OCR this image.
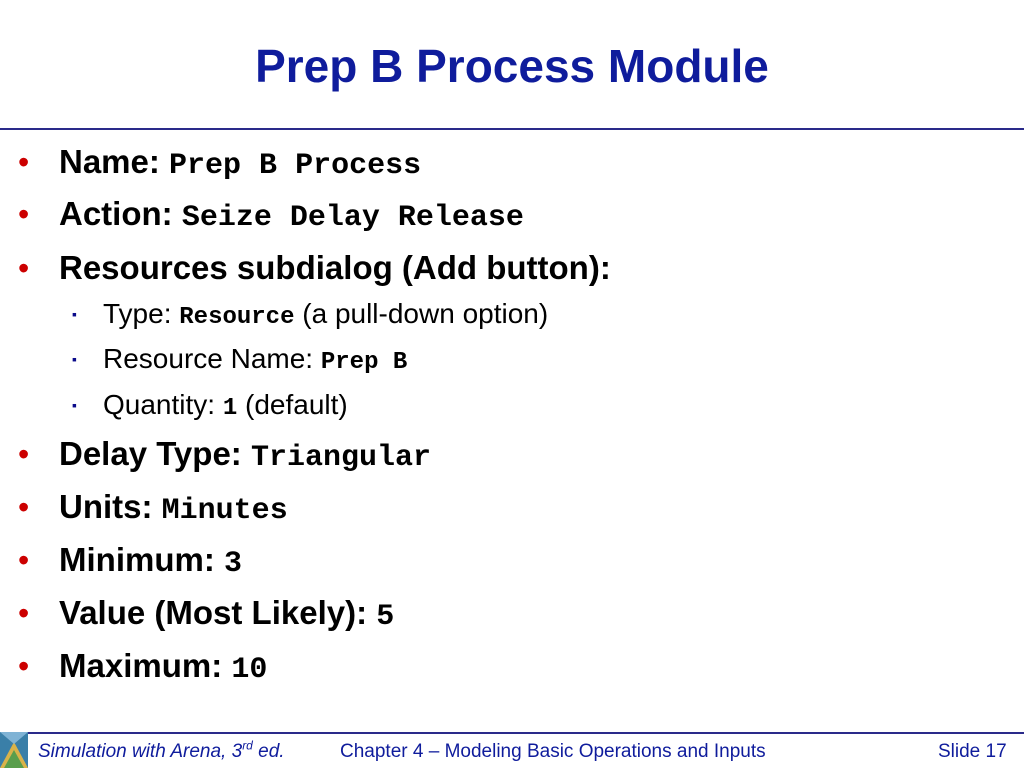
Prep B Process Module
• Name: Prep B Process
• Action: Seize Delay Release
• Resources subdialog (Add button):
▪ Type: Resource (a pull-down option)
▪ Resource Name: Prep B
▪ Quantity: 1 (default)
• Delay Type: Triangular
• Units: Minutes
• Minimum: 3
• Value (Most Likely): 5
• Maximum: 10
Simulation with Arena, 3rd ed.	Chapter 4 – Modeling Basic Operations and Inputs	Slide 17
